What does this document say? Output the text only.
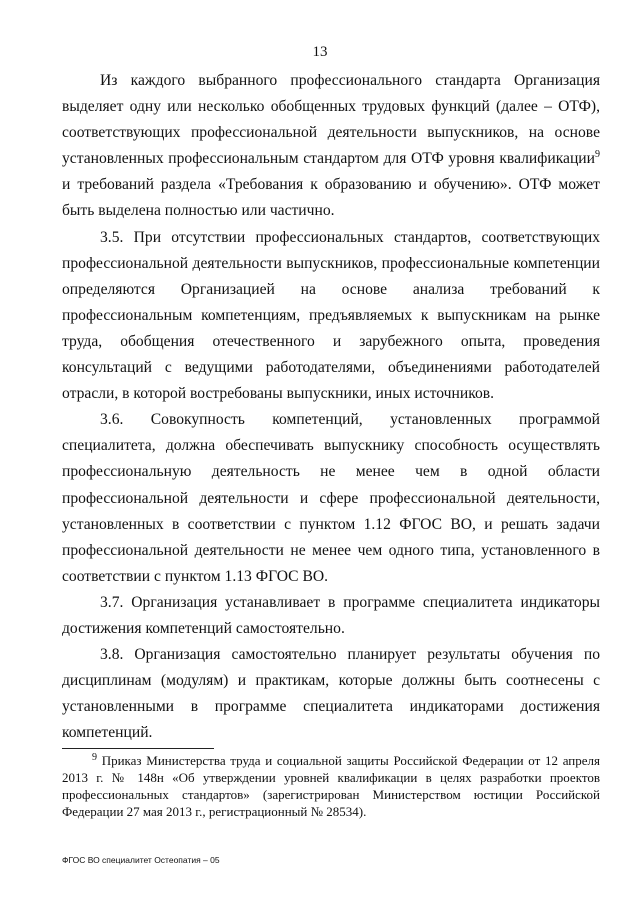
13

Из каждого выбранного профессионального стандарта Организация выделяет одну или несколько обобщенных трудовых функций (далее – ОТФ), соответствующих профессиональной деятельности выпускников, на основе установленных профессиональным стандартом для ОТФ уровня квалификации$^9$ и требований раздела «Требования к образованию и обучению». ОТФ может быть выделена полностью или частично.

3.5. При отсутствии профессиональных стандартов, соответствующих профессиональной деятельности выпускников, профессиональные компетенции определяются Организацией на основе анализа требований к профессиональным компетенциям, предъявляемых к выпускникам на рынке труда, обобщения отечественного и зарубежного опыта, проведения консультаций с ведущими работодателями, объединениями работодателей отрасли, в которой востребованы выпускники, иных источников.

3.6. Совокупность компетенций, установленных программой специалитета, должна обеспечивать выпускнику способность осуществлять профессиональную деятельность не менее чем в одной области профессиональной деятельности и сфере профессиональной деятельности, установленных в соответствии с пунктом 1.12 ФГОС ВО, и решать задачи профессиональной деятельности не менее чем одного типа, установленного в соответствии с пунктом 1.13 ФГОС ВО.

3.7. Организация устанавливает в программе специалитета индикаторы достижения компетенций самостоятельно.

3.8. Организация самостоятельно планирует результаты обучения по дисциплинам (модулям) и практикам, которые должны быть соотнесены с установленными в программе специалитета индикаторами достижения компетенций.

$^9$ Приказ Министерства труда и социальной защиты Российской Федерации от 12 апреля 2013 г. № 148н «Об утверждении уровней квалификации в целях разработки проектов профессиональных стандартов» (зарегистрирован Министерством юстиции Российской Федерации 27 мая 2013 г., регистрационный № 28534).
ФГОС ВО специалитет Остеопатия – 05
